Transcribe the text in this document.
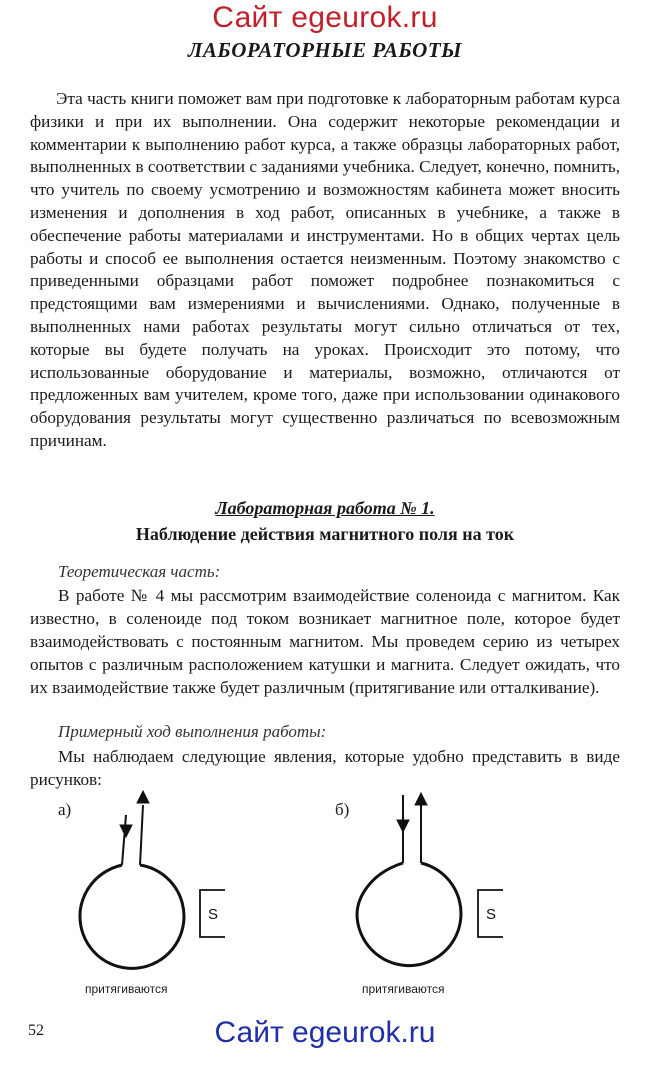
Сайт egeurok.ru
ЛАБОРАТОРНЫЕ РАБОТЫ

Эта часть книги поможет вам при подготовке к лабораторным работам курса физики и при их выполнении. Она содержит некоторые рекомендации и комментарии к выполнению работ курса, а также образцы лабораторных работ, выполненных в соответствии с заданиями учебника. Следует, конечно, помнить, что учитель по своему усмотрению и возможностям кабинета может вносить изменения и дополнения в ход работ, описанных в учебнике, а также в обеспечение работы материалами и инструментами. Но в общих чертах цель работы и способ ее выполнения остается неизменным. Поэтому знакомство с приведенными образцами работ поможет подробнее познакомиться с предстоящими вам измерениями и вычислениями. Однако, полученные в выполненных нами работах результаты могут сильно отличаться от тех, которые вы будете получать на уроках. Происходит это потому, что использованные оборудование и материалы, возможно, отличаются от предложенных вам учителем, кроме того, даже при использовании одинакового оборудования результаты могут существенно различаться по всевозможным причинам.

Лабораторная работа № 1.
Наблюдение действия магнитного поля на ток
Теоретическая часть:

В работе № 4 мы рассмотрим взаимодействие соленоида с магнитом. Как известно, в соленоиде под током возникает магнитное поле, которое будет взаимодействовать с постоянным магнитом. Мы проведем серию из четырех опытов с различным расположением катушки и магнита. Следует ожидать, что их взаимодействие также будет различным (притягивание или отталкивание).

Примерный ход выполнения работы:

Мы наблюдаем следующие явления, которые удобно представить в виде рисунков:

а)
S
притягиваются
б)
S
притягиваются
52	Сайт egeurok.ru
